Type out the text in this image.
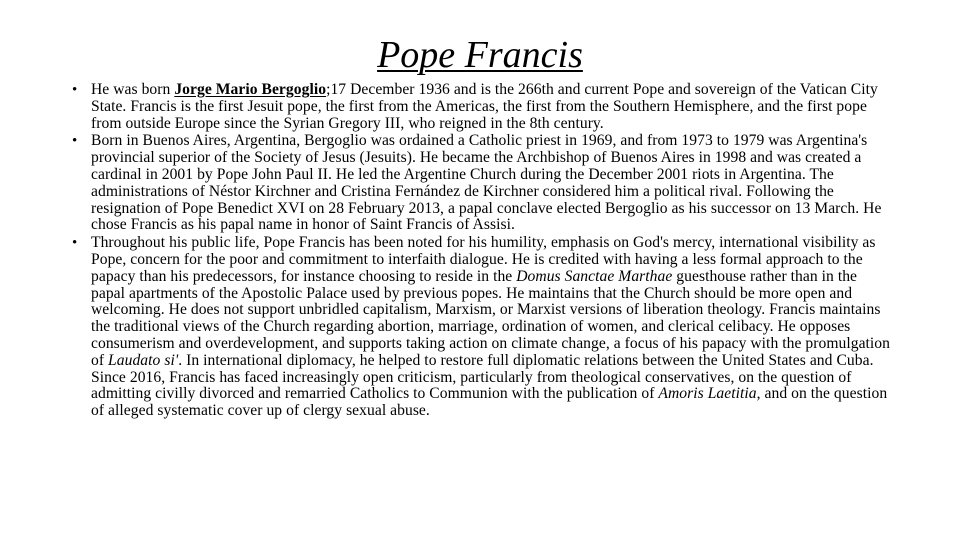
Pope Francis
• He was born Jorge Mario Bergoglio;17 December 1936 and is the 266th and current Pope and sovereign of the Vatican City State. Francis is the first Jesuit pope, the first from the Americas, the first from the Southern Hemisphere, and the first pope from outside Europe since the Syrian Gregory III, who reigned in the 8th century.
• Born in Buenos Aires, Argentina, Bergoglio was ordained a Catholic priest in 1969, and from 1973 to 1979 was Argentina's provincial superior of the Society of Jesus (Jesuits). He became the Archbishop of Buenos Aires in 1998 and was created a cardinal in 2001 by Pope John Paul II. He led the Argentine Church during the December 2001 riots in Argentina. The administrations of Néstor Kirchner and Cristina Fernández de Kirchner considered him a political rival. Following the resignation of Pope Benedict XVI on 28 February 2013, a papal conclave elected Bergoglio as his successor on 13 March. He chose Francis as his papal name in honor of Saint Francis of Assisi.
• Throughout his public life, Pope Francis has been noted for his humility, emphasis on God's mercy, international visibility as Pope, concern for the poor and commitment to interfaith dialogue. He is credited with having a less formal approach to the papacy than his predecessors, for instance choosing to reside in the Domus Sanctae Marthae guesthouse rather than in the papal apartments of the Apostolic Palace used by previous popes. He maintains that the Church should be more open and welcoming. He does not support unbridled capitalism, Marxism, or Marxist versions of liberation theology. Francis maintains the traditional views of the Church regarding abortion, marriage, ordination of women, and clerical celibacy. He opposes consumerism and overdevelopment, and supports taking action on climate change, a focus of his papacy with the promulgation of Laudato si'. In international diplomacy, he helped to restore full diplomatic relations between the United States and Cuba. Since 2016, Francis has faced increasingly open criticism, particularly from theological conservatives, on the question of admitting civilly divorced and remarried Catholics to Communion with the publication of Amoris Laetitia, and on the question of alleged systematic cover up of clergy sexual abuse.
